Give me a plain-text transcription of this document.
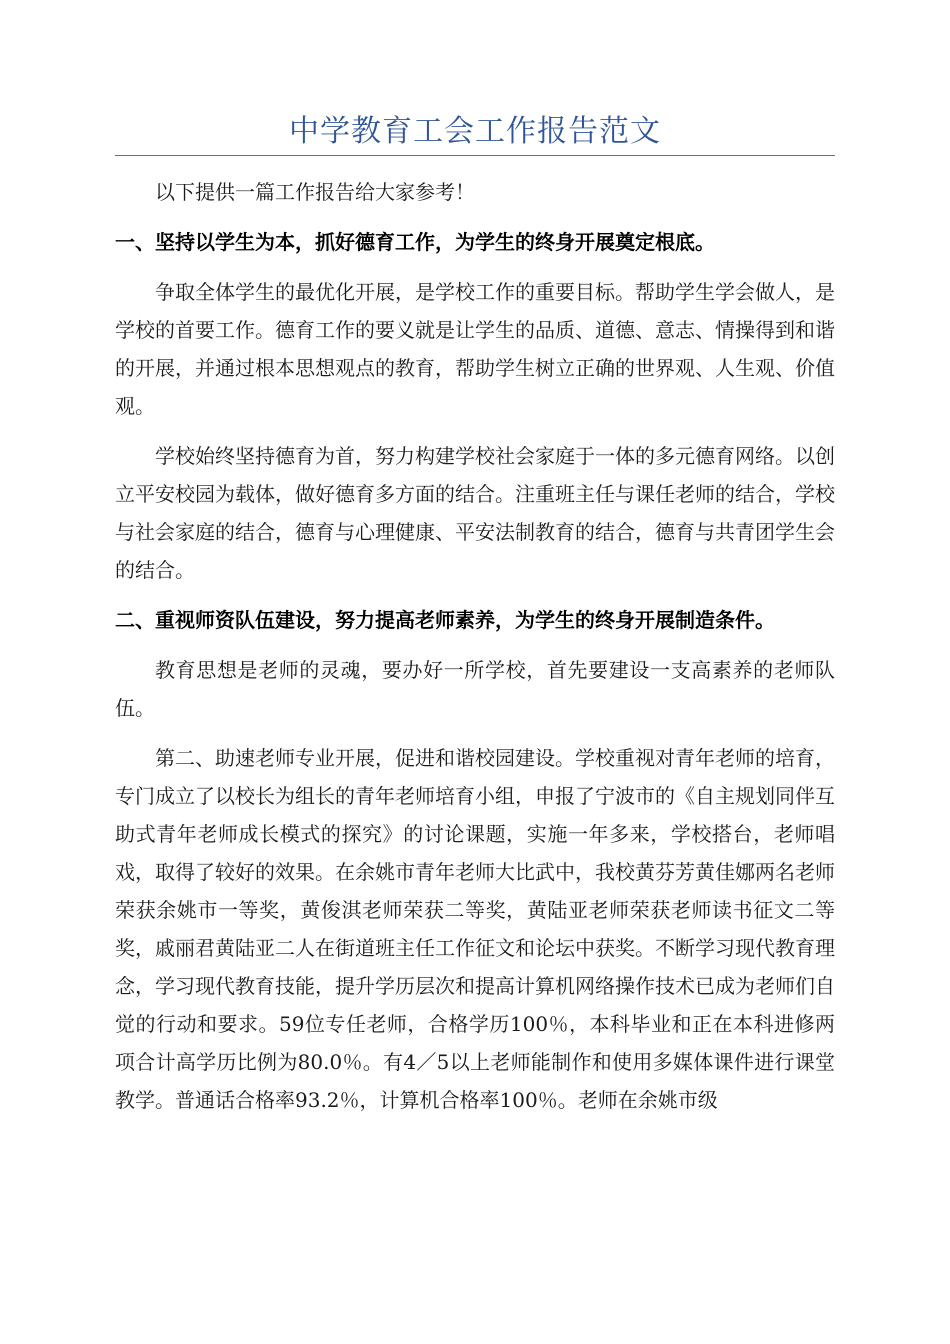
中学教育工会工作报告范文

以下提供一篇工作报告给大家参考！

一、坚持以学生为本，抓好德育工作，为学生的终身开展奠定根底。

争取全体学生的最优化开展，是学校工作的重要目标。帮助学生学会做人，是学校的首要工作。德育工作的要义就是让学生的品质、道德、意志、情操得到和谐的开展，并通过根本思想观点的教育，帮助学生树立正确的世界观、人生观、价值观。

学校始终坚持德育为首，努力构建学校社会家庭于一体的多元德育网络。以创立平安校园为载体，做好德育多方面的结合。注重班主任与课任老师的结合，学校与社会家庭的结合，德育与心理健康、平安法制教育的结合，德育与共青团学生会的结合。

二、重视师资队伍建设，努力提高老师素养，为学生的终身开展制造条件。

教育思想是老师的灵魂，要办好一所学校，首先要建设一支高素养的老师队伍。

第二、助速老师专业开展，促进和谐校园建设。学校重视对青年老师的培育，专门成立了以校长为组长的青年老师培育小组，申报了宁波市的《自主规划同伴互助式青年老师成长模式的探究》的讨论课题，实施一年多来，学校搭台，老师唱戏，取得了较好的效果。在余姚市青年老师大比武中，我校黄芬芳黄佳娜两名老师荣获余姚市一等奖，黄俊淇老师荣获二等奖，黄陆亚老师荣获老师读书征文二等奖，戚丽君黄陆亚二人在街道班主任工作征文和论坛中获奖。不断学习现代教育理念，学习现代教育技能，提升学历层次和提高计算机网络操作技术已成为老师们自觉的行动和要求。59位专任老师，合格学历100％，本科毕业和正在本科进修两项合计高学历比例为80.0％。有4／5以上老师能制作和使用多媒体课件进行课堂教学。普通话合格率93.2％，计算机合格率100％。老师在余姚市级
